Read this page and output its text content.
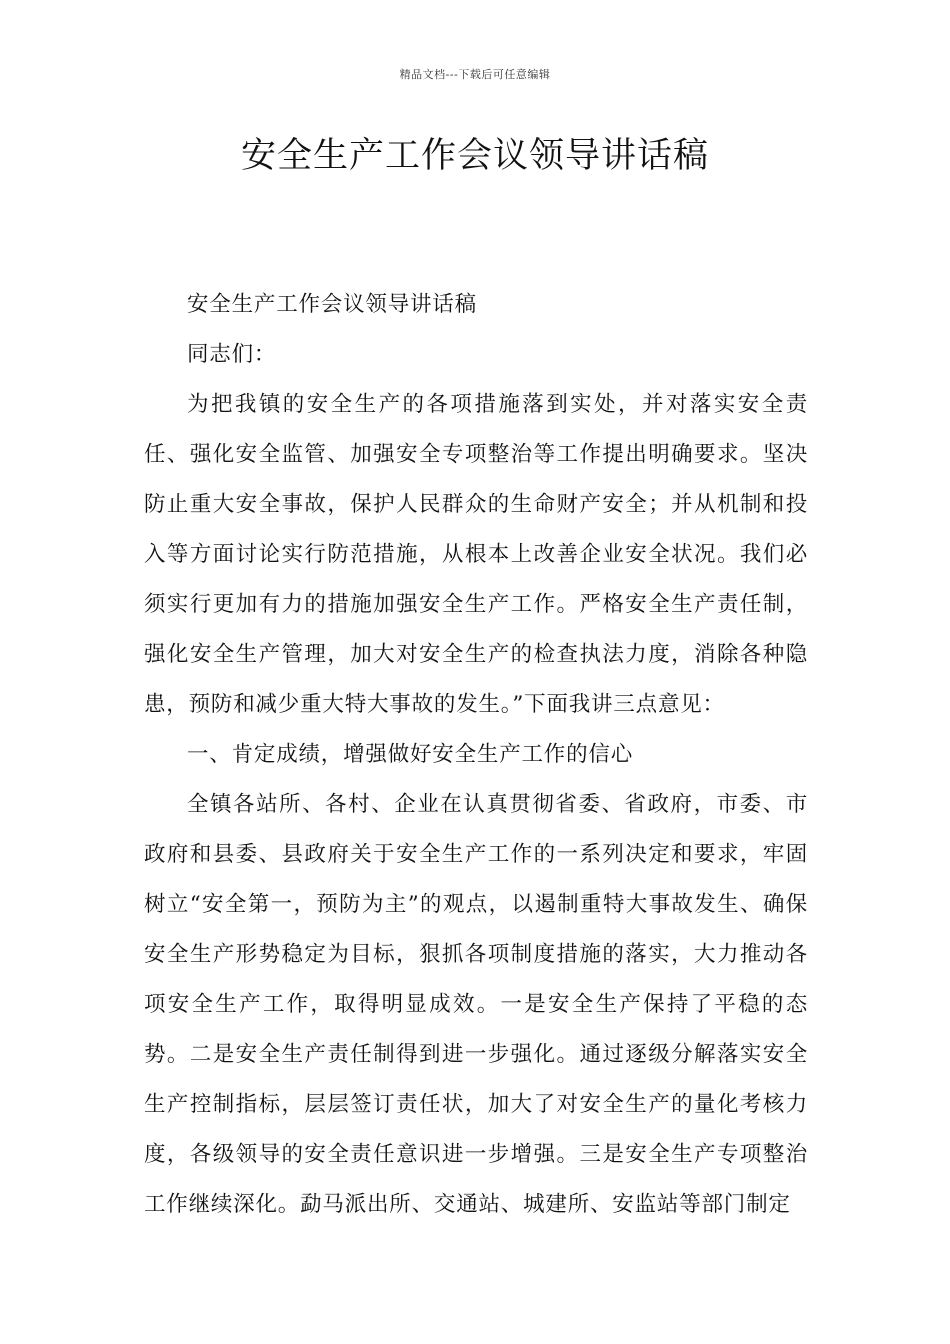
精品文档---下载后可任意编辑
安全生产工作会议领导讲话稿

安全生产工作会议领导讲话稿

同志们：

为把我镇的安全生产的各项措施落到实处，并对落实安全责任、强化安全监管、加强安全专项整治等工作提出明确要求。坚决防止重大安全事故，保护人民群众的生命财产安全；并从机制和投入等方面讨论实行防范措施，从根本上改善企业安全状况。我们必须实行更加有力的措施加强安全生产工作。严格安全生产责任制，强化安全生产管理，加大对安全生产的检查执法力度，消除各种隐患，预防和减少重大特大事故的发生。”下面我讲三点意见：

一、肯定成绩，增强做好安全生产工作的信心

全镇各站所、各村、企业在认真贯彻省委、省政府，市委、市政府和县委、县政府关于安全生产工作的一系列决定和要求，牢固树立“安全第一，预防为主”的观点，以遏制重特大事故发生、确保安全生产形势稳定为目标，狠抓各项制度措施的落实，大力推动各项安全生产工作，取得明显成效。一是安全生产保持了平稳的态势。二是安全生产责任制得到进一步强化。通过逐级分解落实安全生产控制指标，层层签订责任状，加大了对安全生产的量化考核力度，各级领导的安全责任意识进一步增强。三是安全生产专项整治工作继续深化。勐马派出所、交通站、城建所、安监站等部门制定
